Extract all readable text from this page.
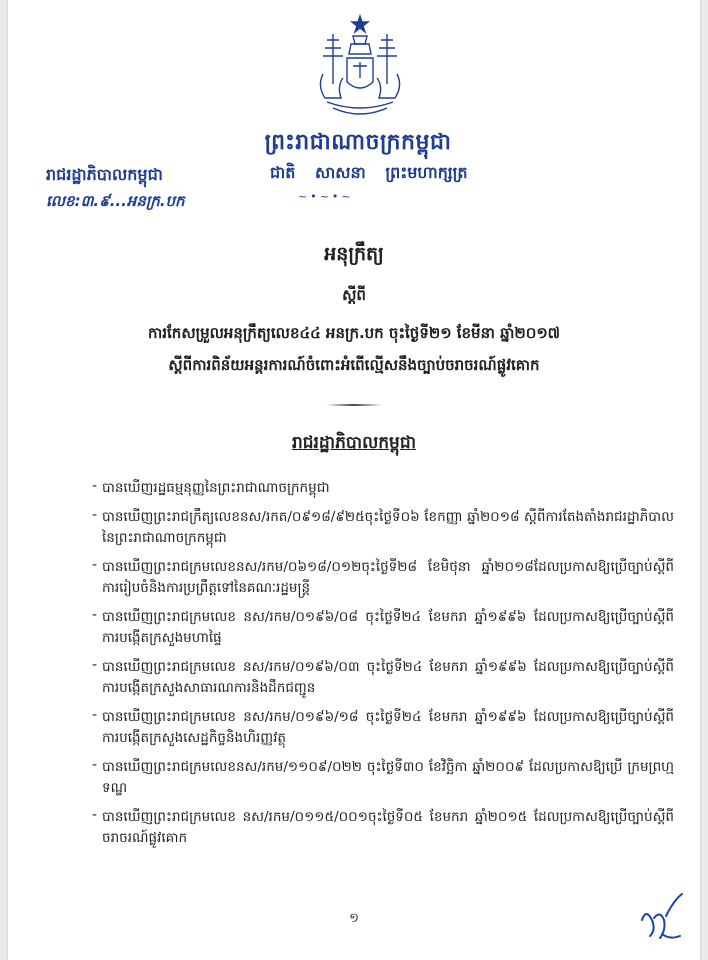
ព្រះរាជាណាចក្រកម្ពុជា
ជាតិ សាសនា ព្រះមហាក្សត្រ
~•~•~
រាជរដ្ឋាភិបាលកម្ពុជា
លេខ:៣.៩...អនក្រ.បក
អនុក្រឹត្យ
ស្ដីពី
ការកែសម្រួលអនុក្រឹត្យលេខ៤៤ អនក្រ.បក ចុះថ្ងៃទី២១ ខែមីនា ឆ្នាំ២០១៧
ស្ដីពីការពិន័យអន្តរការណ៍ចំពោះអំពើល្មើសនឹងច្បាប់ចរាចរណ៍ផ្លូវគោក
រាជរដ្ឋាភិបាលកម្ពុជា
- បានឃើញរដ្ឋធម្មនុញ្ញនៃព្រះរាជាណាចក្រកម្ពុជា
- បានឃើញព្រះរាជក្រឹត្យលេខនស/រកត/០៩១៨/៩២៥ចុះថ្ងៃទី០៦ ខែកញ្ញា ឆ្នាំ២០១៨ ស្តីពីការតែងតាំងរាជរដ្ឋាភិបាលនៃព្រះរាជាណាចក្រកម្ពុជា
- បានឃើញព្រះរាជក្រមលេខនស/រកម/០៦១៨/០១២ចុះថ្ងៃទី២៨ ខែមិថុនា ឆ្នាំ២០១៨ដែលប្រកាសឱ្យប្រើច្បាប់ស្តីពីការរៀបចំនិងការប្រព្រឹត្តទៅនៃគណៈរដ្ឋមន្ត្រី
- បានឃើញព្រះរាជក្រមលេខ នស/រកម/០១៩៦/០៨ ចុះថ្ងៃទី២៤ ខែមករា ឆ្នាំ១៩៩៦ ដែលប្រកាសឱ្យប្រើច្បាប់ស្តីពីការបង្កើតក្រសួងមហាផ្ទៃ
- បានឃើញព្រះរាជក្រមលេខ នស/រកម/០១៩៦/០៣ ចុះថ្ងៃទី២៤ ខែមករា ឆ្នាំ១៩៩៦ ដែលប្រកាសឱ្យប្រើច្បាប់ស្តីពីការបង្កើតក្រសួងសាធារណការនិងដឹកជញ្ជូន
- បានឃើញព្រះរាជក្រមលេខ នស/រកម/០១៩៦/១៨ ចុះថ្ងៃទី២៤ ខែមករា ឆ្នាំ១៩៩៦ ដែលប្រកាសឱ្យប្រើច្បាប់ស្តីពីការបង្កើតក្រសួងសេដ្ឋកិច្ចនិងហិរញ្ញវត្ថុ
- បានឃើញព្រះរាជក្រមលេខនស/រកម/១១០៩/០២២ ចុះថ្ងៃទី៣០ ខែវិច្ឆិកា ឆ្នាំ២០០៩ ដែលប្រកាសឱ្យប្រើ ក្រមព្រហ្មទណ្ឌ
- បានឃើញព្រះរាជក្រមលេខ នស/រកម/០១១៥/០០១ចុះថ្ងៃទី០៥ ខែមករា ឆ្នាំ២០១៥ ដែលប្រកាសឱ្យប្រើច្បាប់ស្តីពីចរាចរណ៍ផ្លូវគោក
១
